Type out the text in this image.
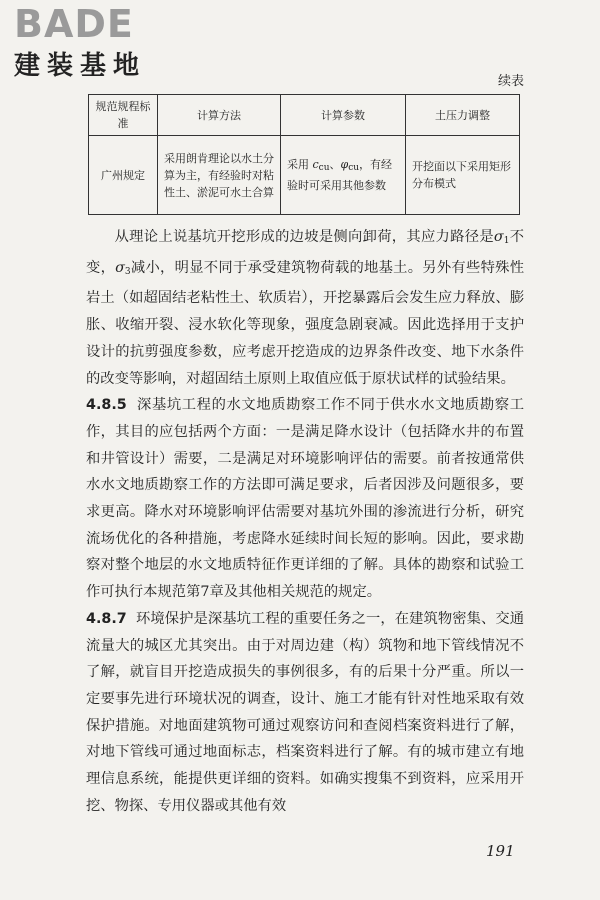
BADE
建装基地
续表
规范规程标准	计算方法	计算参数	土压力调整
广州规定	采用朗肯理论以水土分算为主，有经验时对粘性土、淤泥可水土合算	采用 $c_{cu}$、$\varphi_{cu}$，有经验时可采用其他参数	开挖面以下采用矩形分布模式

从理论上说基坑开挖形成的边坡是侧向卸荷，其应力路径是$\sigma_1$不变，$\sigma_3$减小，明显不同于承受建筑物荷载的地基土。另外有些特殊性岩土（如超固结老粘性土、软质岩），开挖暴露后会发生应力释放、膨胀、收缩开裂、浸水软化等现象，强度急剧衰减。因此选择用于支护设计的抗剪强度参数，应考虑开挖造成的边界条件改变、地下水条件的改变等影响，对超固结土原则上取值应低于原状试样的试验结果。

4.8.5 深基坑工程的水文地质勘察工作不同于供水水文地质勘察工作，其目的应包括两个方面：一是满足降水设计（包括降水井的布置和井管设计）需要，二是满足对环境影响评估的需要。前者按通常供水水文地质勘察工作的方法即可满足要求，后者因涉及问题很多，要求更高。降水对环境影响评估需要对基坑外围的渗流进行分析，研究流场优化的各种措施，考虑降水延续时间长短的影响。因此，要求勘察对整个地层的水文地质特征作更详细的了解。具体的勘察和试验工作可执行本规范第7章及其他相关规范的规定。

4.8.7 环境保护是深基坑工程的重要任务之一，在建筑物密集、交通流量大的城区尤其突出。由于对周边建（构）筑物和地下管线情况不了解，就盲目开挖造成损失的事例很多，有的后果十分严重。所以一定要事先进行环境状况的调查，设计、施工才能有针对性地采取有效保护措施。对地面建筑物可通过观察访问和查阅档案资料进行了解，对地下管线可通过地面标志，档案资料进行了解。有的城市建立有地理信息系统，能提供更详细的资料。如确实搜集不到资料，应采用开挖、物探、专用仪器或其他有效

191
